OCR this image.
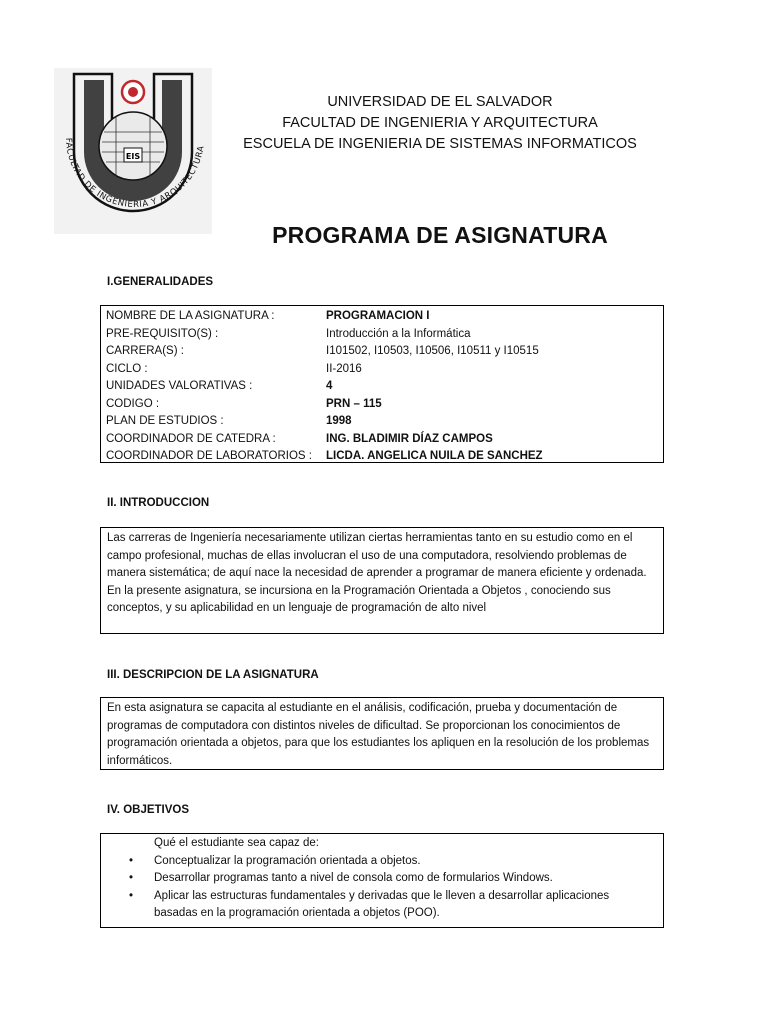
EIS
FACULTAD DE INGENIERIA Y ARQUITECTURA
UNIVERSIDAD DE EL SALVADOR
FACULTAD DE INGENIERIA Y ARQUITECTURA
ESCUELA DE INGENIERIA DE SISTEMAS INFORMATICOS
PROGRAMA DE ASIGNATURA
I.GENERALIDADES
NOMBRE DE LA ASIGNATURA :	PROGRAMACION I
PRE-REQUISITO(S) :	Introducción a la Informática
CARRERA(S) :	I101502, I10503, I10506, I10511 y I10515
CICLO :	II-2016
UNIDADES VALORATIVAS :	4
CODIGO :	PRN – 115
PLAN DE ESTUDIOS :	1998
COORDINADOR DE CATEDRA :	ING. BLADIMIR DÍAZ CAMPOS
COORDINADOR DE LABORATORIOS :	LICDA. ANGELICA NUILA DE SANCHEZ
II. INTRODUCCION

Las carreras de Ingeniería necesariamente utilizan ciertas herramientas tanto en su estudio como en el campo profesional, muchas de ellas involucran el uso de una computadora, resolviendo problemas de manera sistemática; de aquí nace la necesidad de aprender a programar de manera eficiente y ordenada.

En la presente asignatura, se incursiona en la Programación Orientada a Objetos , conociendo sus conceptos, y su aplicabilidad en un lenguaje de programación de alto nivel

III. DESCRIPCION DE LA ASIGNATURA

En esta asignatura se capacita al estudiante en el análisis, codificación, prueba y documentación de programas de computadora con distintos niveles de dificultad. Se proporcionan los conocimientos de programación orientada a objetos, para que los estudiantes los apliquen en la resolución de los problemas informáticos.

IV. OBJETIVOS
Qué el estudiante sea capaz de:
• Conceptualizar la programación orientada a objetos.
• Desarrollar programas tanto a nivel de consola como de formularios Windows.
• Aplicar las estructuras fundamentales y derivadas que le lleven a desarrollar aplicaciones basadas en la programación orientada a objetos (POO).
